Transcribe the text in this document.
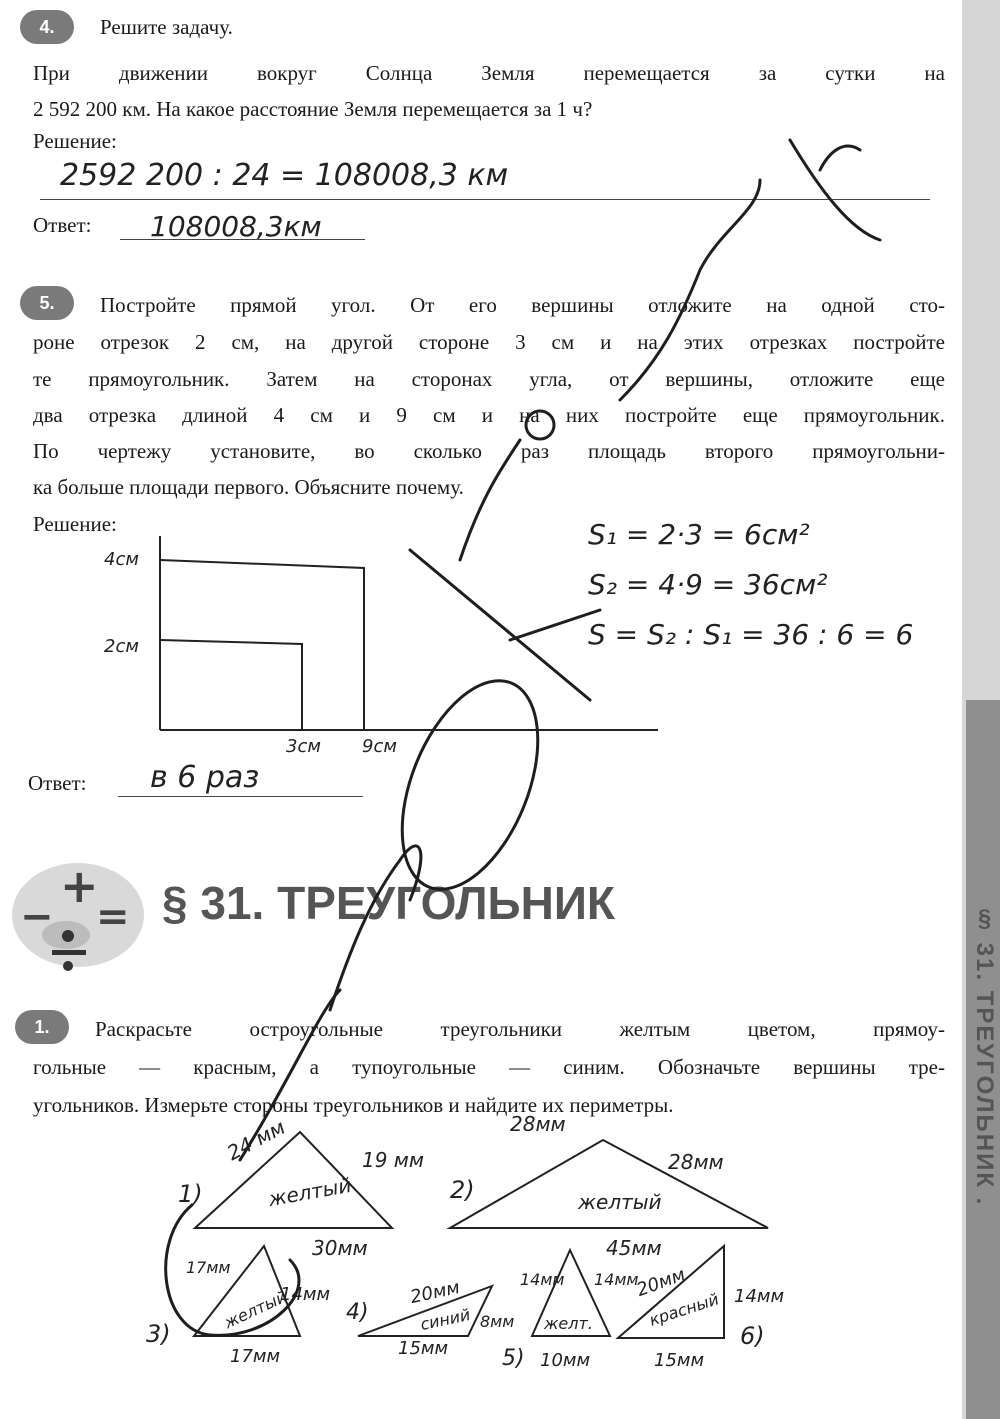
§ 31. ТРЕУГОЛЬНИК .
4.	Решите задачу.
При движении вокруг Солнца Земля перемещается за сутки на
2 592 200 км. На какое расстояние Земля перемещается за 1 ч?
Решение:
2592 200 : 24 = 108008,3 км
Ответ: 108008,3км
5.	Постройте прямой угол. От его вершины отложите на одной сто-
роне отрезок 2 см, на другой стороне 3 см и на этих отрезках постройте
те прямоугольник. Затем на сторонах угла, от вершины, отложите еще
два отрезка длиной 4 см и 9 см и на них постройте еще прямоугольник.
По чертежу установите, во сколько раз площадь второго прямоугольни-
ка больше площади первого. Объясните почему.
Решение:
4см
2см
3см 9см
S₁ = 2·3 = 6см²
S₂ = 4·9 = 36см²
S = S₂ : S₁ = 36 : 6 = 6
Ответ: в 6 раз
§ 31. ТРЕУГОЛЬНИК
1.	Раскрасьте остроугольные треугольники желтым цветом, прямоу-
гольные — красным, а тупоугольные — синим. Обозначьте вершины тре-
угольников. Измерьте стороны треугольников и найдите их периметры.
1)
24 мм	19 мм
30мм
желтый	2)
28мм
28мм
45мм
желтый
3)
17мм
14мм
17мм
желтый	4)
20мм
8мм
15мм
синий
5)
14мм 14мм
10мм
желт.	6)
20мм	14мм
15мм
красный
+
− =
